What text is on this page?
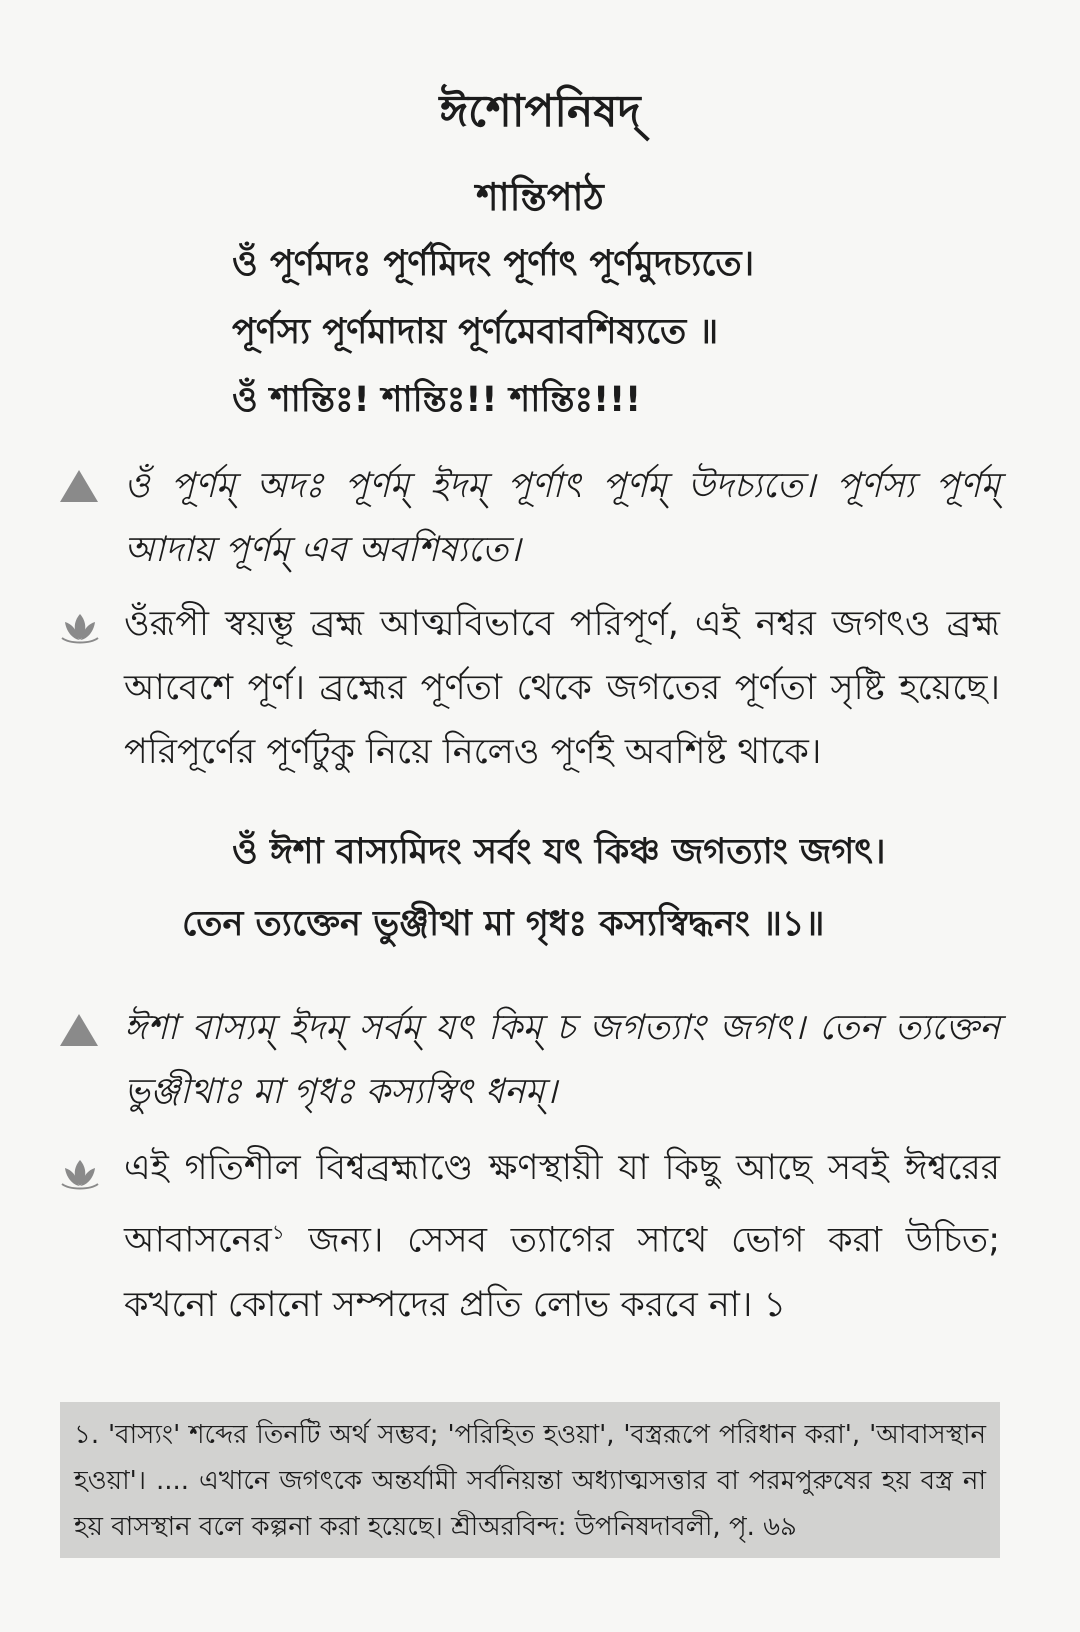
ঈশোপনিষদ্
শান্তিপাঠ
ওঁ পূর্ণমদঃ পূর্ণমিদং পূর্ণাৎ পূর্ণমুদচ্যতে।
পূর্ণস্য পূর্ণমাদায় পূর্ণমেবাবশিষ্যতে ॥
ওঁ শান্তিঃ! শান্তিঃ!! শান্তিঃ!!!
ওঁ পূর্ণম্ অদঃ পূর্ণম্ ইদম্ পূর্ণাৎ পূর্ণম্ উদচ্যতে। পূর্ণস্য পূর্ণম্ আদায় পূর্ণম্ এব অবশিষ্যতে।
ওঁরূপী স্বয়ম্ভূ ব্রহ্ম আত্মবিভাবে পরিপূর্ণ, এই নশ্বর জগৎও ব্রহ্ম আবেশে পূর্ণ। ব্রহ্মের পূর্ণতা থেকে জগতের পূর্ণতা সৃষ্টি হয়েছে। পরিপূর্ণের পূর্ণটুকু নিয়ে নিলেও পূর্ণই অবশিষ্ট থাকে।
ওঁ ঈশা বাস্যমিদং সর্বং যৎ কিঞ্চ জগত্যাং জগৎ।
তেন ত্যক্তেন ভুঞ্জীথা মা গৃধঃ কস্যস্বিদ্ধনং ॥১॥
ঈশা বাস্যম্ ইদম্ সর্বম্ যৎ কিম্ চ জগত্যাং জগৎ। তেন ত্যক্তেন ভুঞ্জীথাঃ মা গৃধঃ কস্যস্বিৎ ধনম্।
এই গতিশীল বিশ্বব্রহ্মাণ্ডে ক্ষণস্থায়ী যা কিছু আছে সবই ঈশ্বরের আবাসনের$^১$ জন্য। সেসব ত্যাগের সাথে ভোগ করা উচিত; কখনো কোনো সম্পদের প্রতি লোভ করবে না। ১
১. 'বাস্যং' শব্দের তিনটি অর্থ সম্ভব; 'পরিহিত হওয়া', 'বস্ত্ররূপে পরিধান করা', 'আবাসস্থান হওয়া'। .... এখানে জগৎকে অন্তর্যামী সর্বনিয়ন্তা অধ্যাত্মসত্তার বা পরমপুরুষের হয় বস্ত্র না হয় বাসস্থান বলে কল্পনা করা হয়েছে। শ্রীঅরবিন্দ: উপনিষদাবলী, পৃ. ৬৯
